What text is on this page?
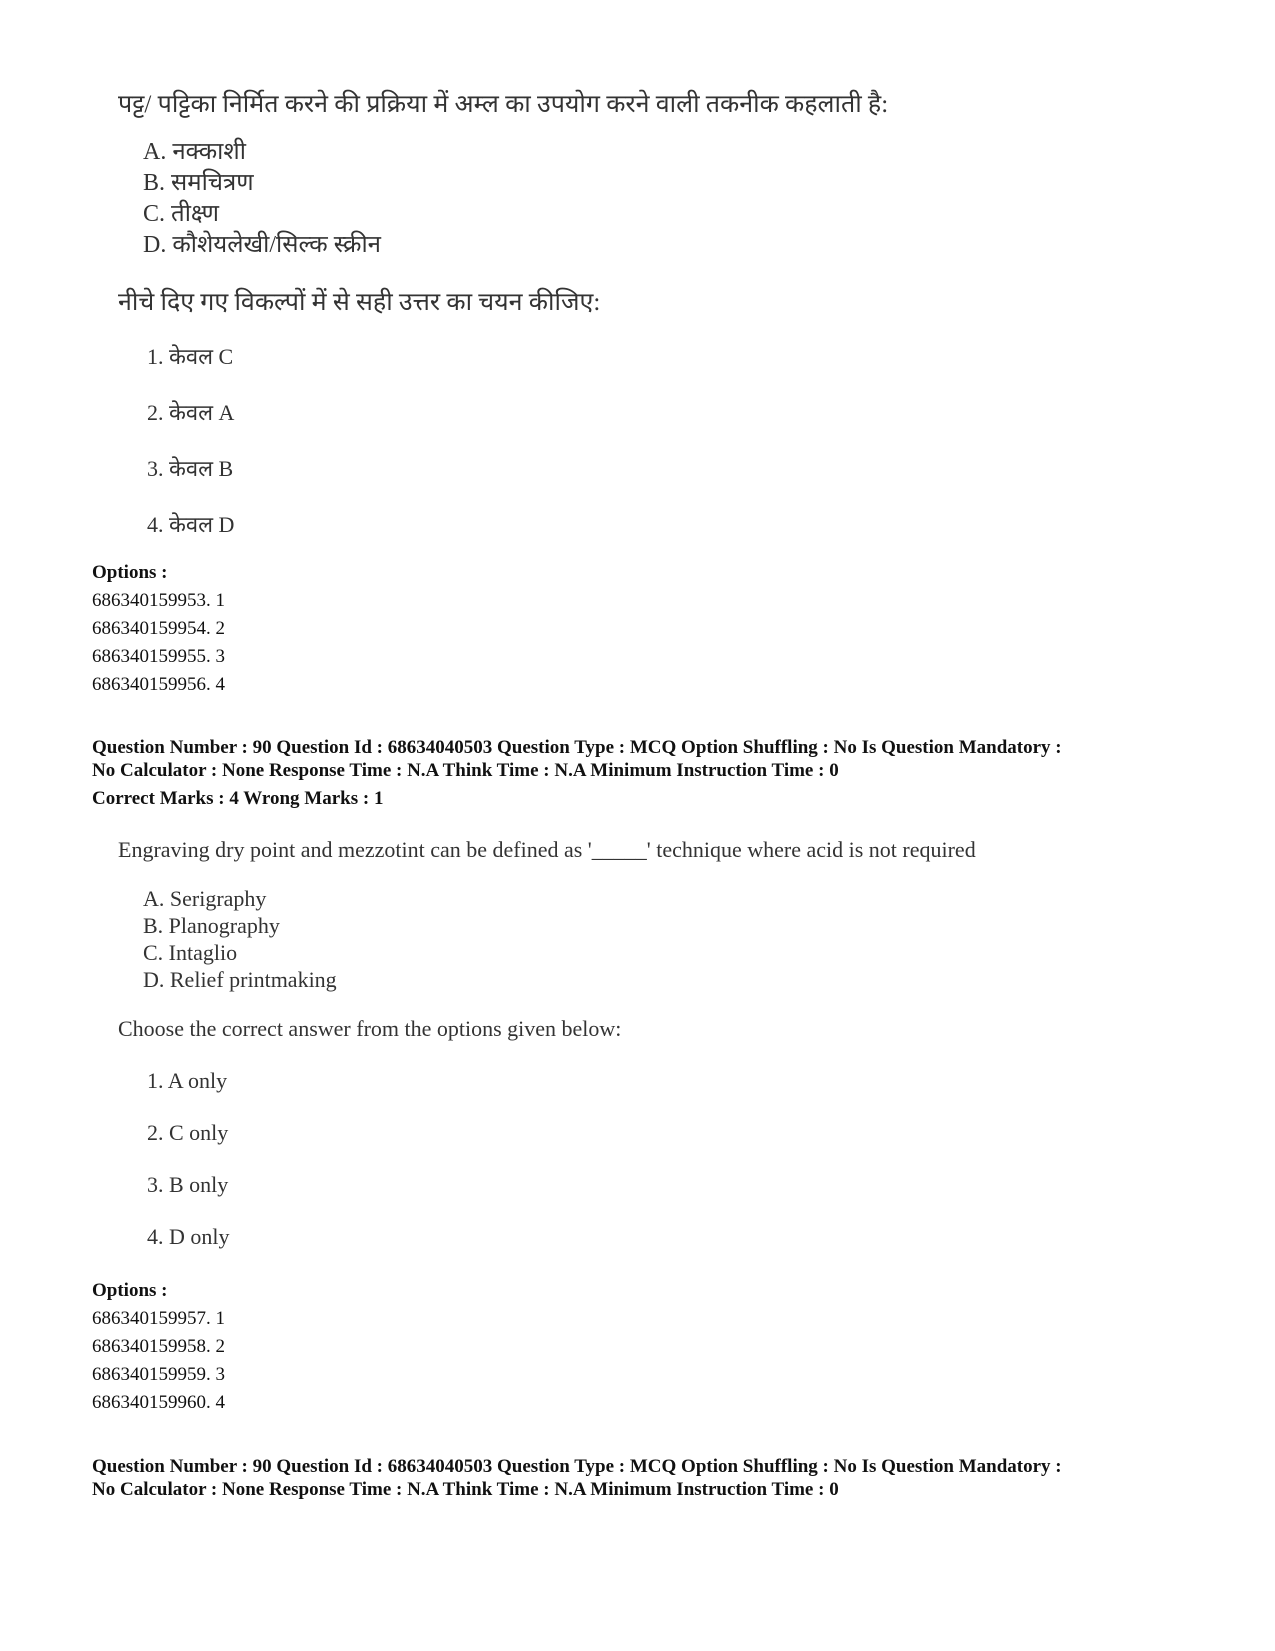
पट्ट/ पट्टिका निर्मित करने की प्रक्रिया में अम्ल का उपयोग करने वाली तकनीक कहलाती है:
A. नक्काशी
B. समचित्रण
C. तीक्ष्ण
D. कौशेयलेखी/सिल्क स्क्रीन
नीचे दिए गए विकल्पों में से सही उत्तर का चयन कीजिए:
1. केवल C
2. केवल A
3. केवल B
4. केवल D
Options :
686340159953. 1
686340159954. 2
686340159955. 3
686340159956. 4
Question Number : 90 Question Id : 68634040503 Question Type : MCQ Option Shuffling : No Is Question Mandatory :
No Calculator : None Response Time : N.A Think Time : N.A Minimum Instruction Time : 0
Correct Marks : 4 Wrong Marks : 1
Engraving dry point and mezzotint can be defined as '_____' technique where acid is not required
A. Serigraphy
B. Planography
C. Intaglio
D. Relief printmaking
Choose the correct answer from the options given below:
1. A only
2. C only
3. B only
4. D only
Options :
686340159957. 1
686340159958. 2
686340159959. 3
686340159960. 4
Question Number : 90 Question Id : 68634040503 Question Type : MCQ Option Shuffling : No Is Question Mandatory :
No Calculator : None Response Time : N.A Think Time : N.A Minimum Instruction Time : 0
